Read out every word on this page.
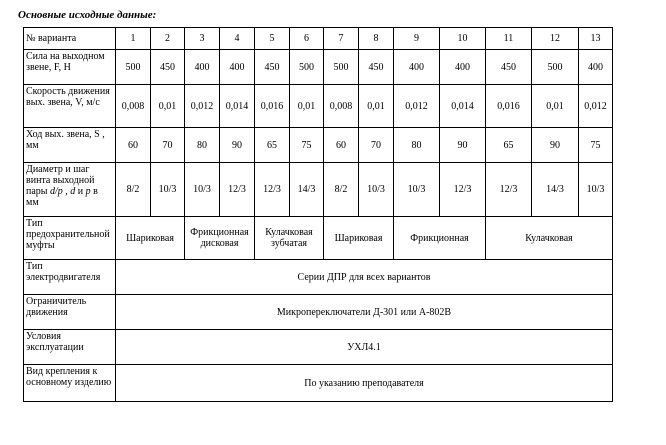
Основные исходные данные:
№ варианта	1	2	3	4	5	6	7	8	9	10	11	12	13
Сила на выходном звене, F, Н	500	450	400	400	450	500	500	450	400	400	450	500	400
Скорость движения вых. звена, V, м/с	0,008	0,01	0,012	0,014	0,016	0,01	0,008	0,01	0,012	0,014	0,016	0,01	0,012
Ход вых. звена, S , мм	60	70	80	90	65	75	60	70	80	90	65	90	75
Диаметр и шаг винта выходной пары d/p , d и p в мм	8/2	10/3	10/3	12/3	12/3	14/3	8/2	10/3	10/3	12/3	12/3	14/3	10/3
Тип предохранительной муфты	Шариковая		Фрикционная дисковая		Кулачковая зубчатая		Шариковая		Фрикционная		Кулачковая		
Тип электродвигателя	Серии ДПР для всех вариантов												
Ограничитель движения	Микропереключатели Д-301 или А-802В												
Условия эксплуатации	УХЛ4.1												
Вид крепления к основному изделию	По указанию преподавателя												
